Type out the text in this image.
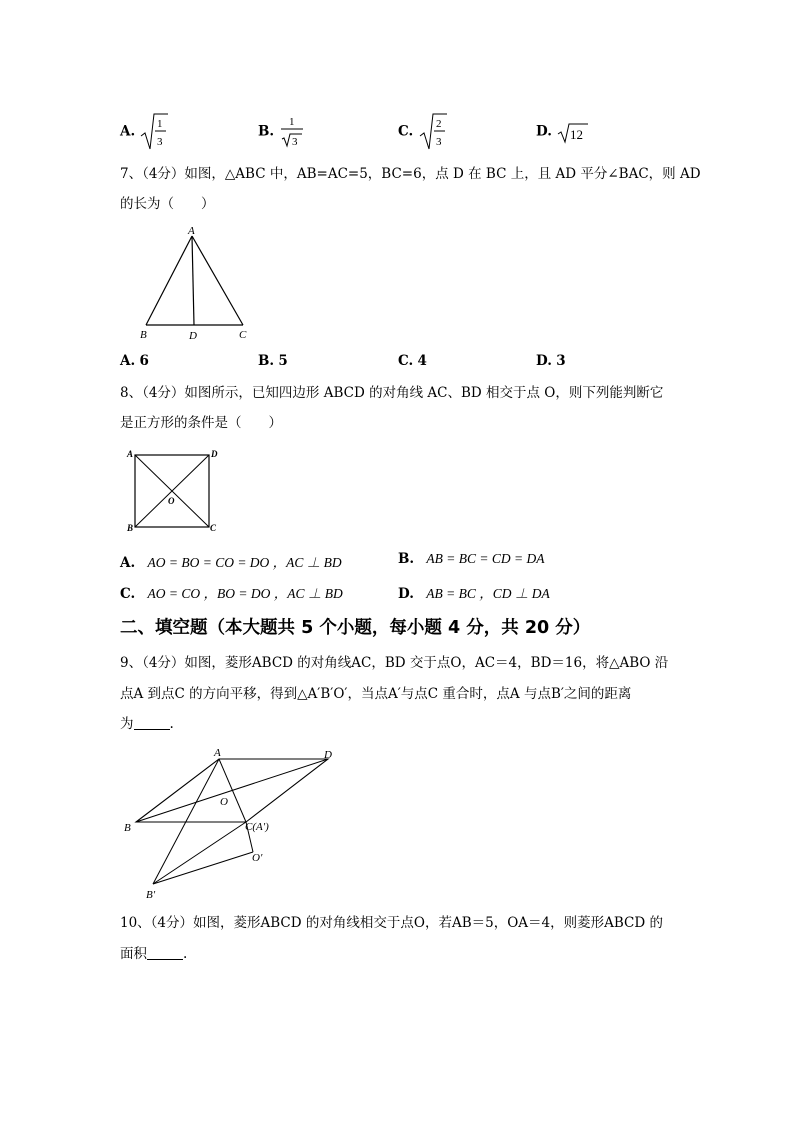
A. 1
3
B.
1
3
C. 2
3
D. 12
7、（4分）如图，△ABC 中，AB=AC=5，BC=6，点 D 在 BC 上，且 AD 平分∠BAC，则 AD
的长为（　　）
A
B	C
D
A. 6	B. 5	C. 4	D. 3
8、（4分）如图所示，已知四边形 ABCD 的对角线 AC、BD 相交于点 O，则下列能判断它
是正方形的条件是（　　）
A	D
B	C
O
A. AO = BO = CO = DO ，AC ⊥ BD	B. AB = BC = CD = DA
C. AO = CO ，BO = DO ，AC ⊥ BD	D. AB = BC ，CD ⊥ DA
二、填空题（本大题共 5 个小题，每小题 4 分，共 20 分）
9、（4分）如图，菱形ABCD 的对角线AC，BD 交于点O，AC＝4，BD＝16，将△ABO 沿
点A 到点C 的方向平移，得到△A′B′O′，当点A′与点C 重合时，点A 与点B′之间的距离
为	.
A	D
O
B	C(A′)
O′
B′
10、（4分）如图，菱形ABCD 的对角线相交于点O，若AB＝5，OA＝4，则菱形ABCD 的
面积	.
